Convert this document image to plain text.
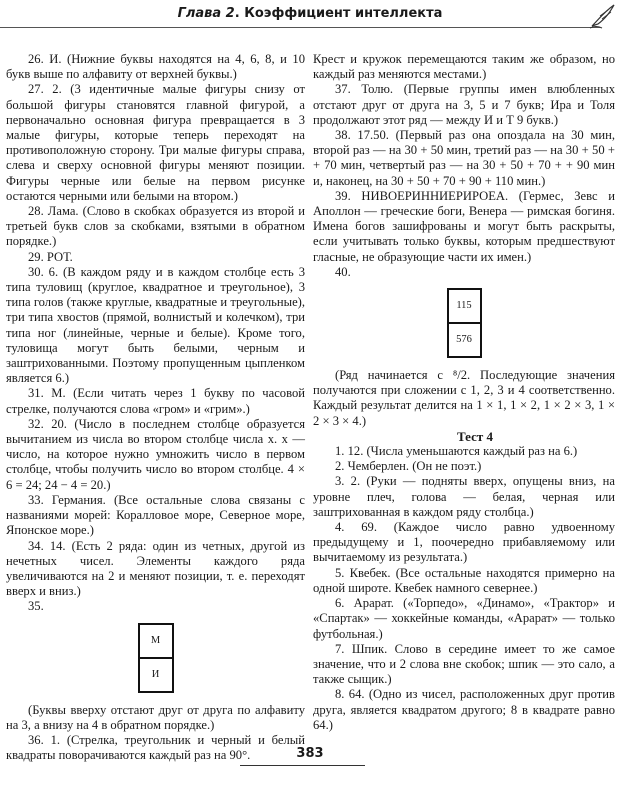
Глава 2. Коэффициент интеллекта

26. И. (Нижние буквы находятся на 4, 6, 8, и 10 букв выше по алфавиту от верхней буквы.)

27. 2. (3 идентичные малые фигуры снизу от большой фигуры становятся главной фигурой, а первоначально основная фигура превращается в 3 малые фигуры, которые теперь переходят на противоположную сторону. Три малые фигуры справа, слева и сверху основной фигуры меняют позиции. Фигуры черные или белые на первом рисунке остаются черными или белыми на втором.)

28. Лама. (Слово в скобках образуется из второй и третьей букв слов за скобками, взятыми в обратном порядке.)

29. РОТ.

30. 6. (В каждом ряду и в каждом столбце есть 3 типа туловищ (круглое, квадратное и треугольное), 3 типа голов (также круглые, квадратные и треугольные), три типа хвостов (прямой, волнистый и колечком), три типа ног (линейные, черные и белые). Кроме того, туловища могут быть белыми, черным и заштрихованными. Поэтому пропущенным цыпленком является 6.)

31. М. (Если читать через 1 букву по часовой стрелке, получаются слова «гром» и «грим».)

32. 20. (Число в последнем столбце образуется вычитанием из числа во втором столбце числа x. x — число, на которое нужно умножить число в первом столбце, чтобы получить число во втором столбце. 4 × 6 = 24; 24 − 4 = 20.)

33. Германия. (Все остальные слова связаны с названиями морей: Коралловое море, Северное море, Японское море.)

34. 14. (Есть 2 ряда: один из четных, другой из нечетных чисел. Элементы каждого ряда увеличиваются на 2 и меняют позиции, т. е. переходят вверх и вниз.)

35.

М
И

(Буквы вверху отстают друг от друга по алфавиту на 3, а внизу на 4 в обратном порядке.)

36. 1. (Стрелка, треугольник и черный и белый квадраты поворачиваются каждый раз на 90°.

Крест и кружок перемещаются таким же образом, но каждый раз меняются местами.)

37. Толю. (Первые группы имен влюбленных отстают друг от друга на 3, 5 и 7 букв; Ира и Толя продолжают этот ряд — между И и Т 9 букв.)

38. 17.50. (Первый раз она опоздала на 30 мин, второй раз — на 30 + 50 мин, третий раз — на 30 + 50 + + 70 мин, четвертый раз — на 30 + 50 + 70 + + 90 мин и, наконец, на 30 + 50 + 70 + 90 + 110 мин.)

39. НИВОЕРИННИЕРИРОЕА. (Гермес, Зевс и Аполлон — греческие боги, Венера — римская богиня. Имена богов зашифрованы и могут быть раскрыты, если учитывать только буквы, которым предшествуют гласные, не образующие части их имен.)

40.

115
576

(Ряд начинается с ⁸/2. Последующие значения получаются при сложении с 1, 2, 3 и 4 соответственно. Каждый результат делится на 1 × 1, 1 × 2, 1 × 2 × 3, 1 × 2 × 3 × 4.)

Тест 4

1. 12. (Числа уменьшаются каждый раз на 6.)

2. Чемберлен. (Он не поэт.)

3. 2. (Руки — подняты вверх, опущены вниз, на уровне плеч, голова — белая, черная или заштрихованная в каждом ряду столбца.)

4. 69. (Каждое число равно удвоенному предыдущему и 1, поочередно прибавляемому или вычитаемому из результата.)

5. Квебек. (Все остальные находятся примерно на одной широте. Квебек намного севернее.)

6. Арарат. («Торпедо», «Динамо», «Трактор» и «Спартак» — хоккейные команды, «Арарат» — только футбольная.)

7. Шпик. Слово в середине имеет то же самое значение, что и 2 слова вне скобок; шпик — это сало, а также сыщик.)

8. 64. (Одно из чисел, расположенных друг против друга, является квадратом другого; 8 в квадрате равно 64.)

383
